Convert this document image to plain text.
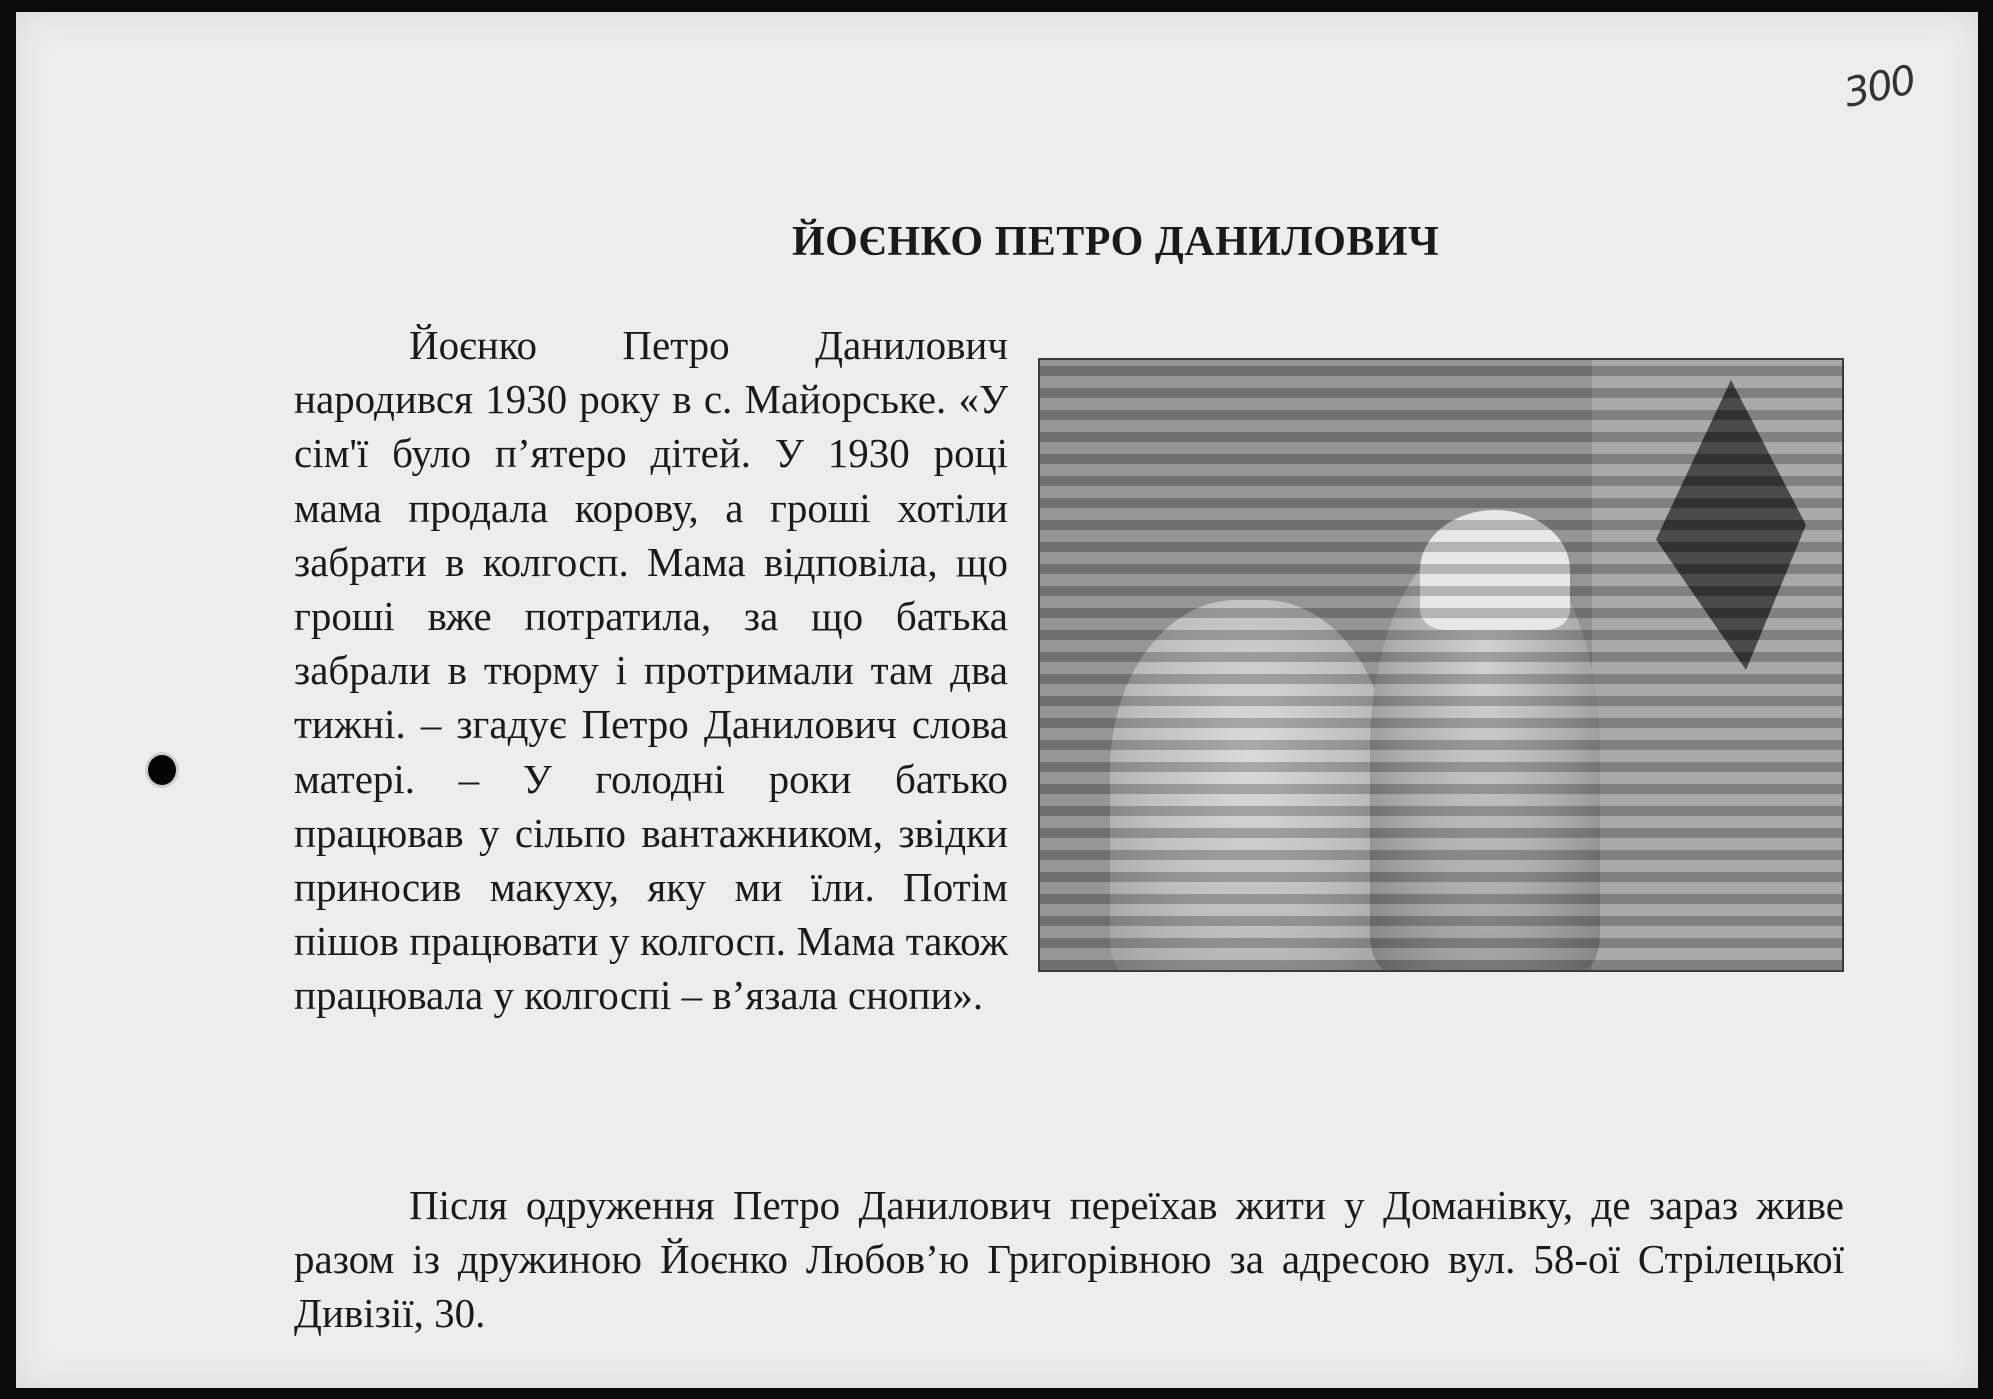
300
ЙОЄНКО ПЕТРО ДАНИЛОВИЧ

Йоєнко Петро Данилович народився 1930 року в с. Майорське. «У сім'ї було п’ятеро дітей. У 1930 році мама продала корову, а гроші хотіли забрати в колгосп. Мама відповіла, що гроші вже потратила, за що батька забрали в тюрму і протримали там два тижні. – згадує Петро Данилович слова матері. – У голодні роки батько працював у сільпо вантажником, звідки приносив макуху, яку ми їли. Потім пішов працювати у колгосп. Мама також працювала у колгоспі – в’язала снопи».

Після одруження Петро Данилович переїхав жити у Доманівку, де зараз живе разом із дружиною Йоєнко Любов’ю Григорівною за адресою вул. 58-ої Стрілецької Дивізії, 30.
